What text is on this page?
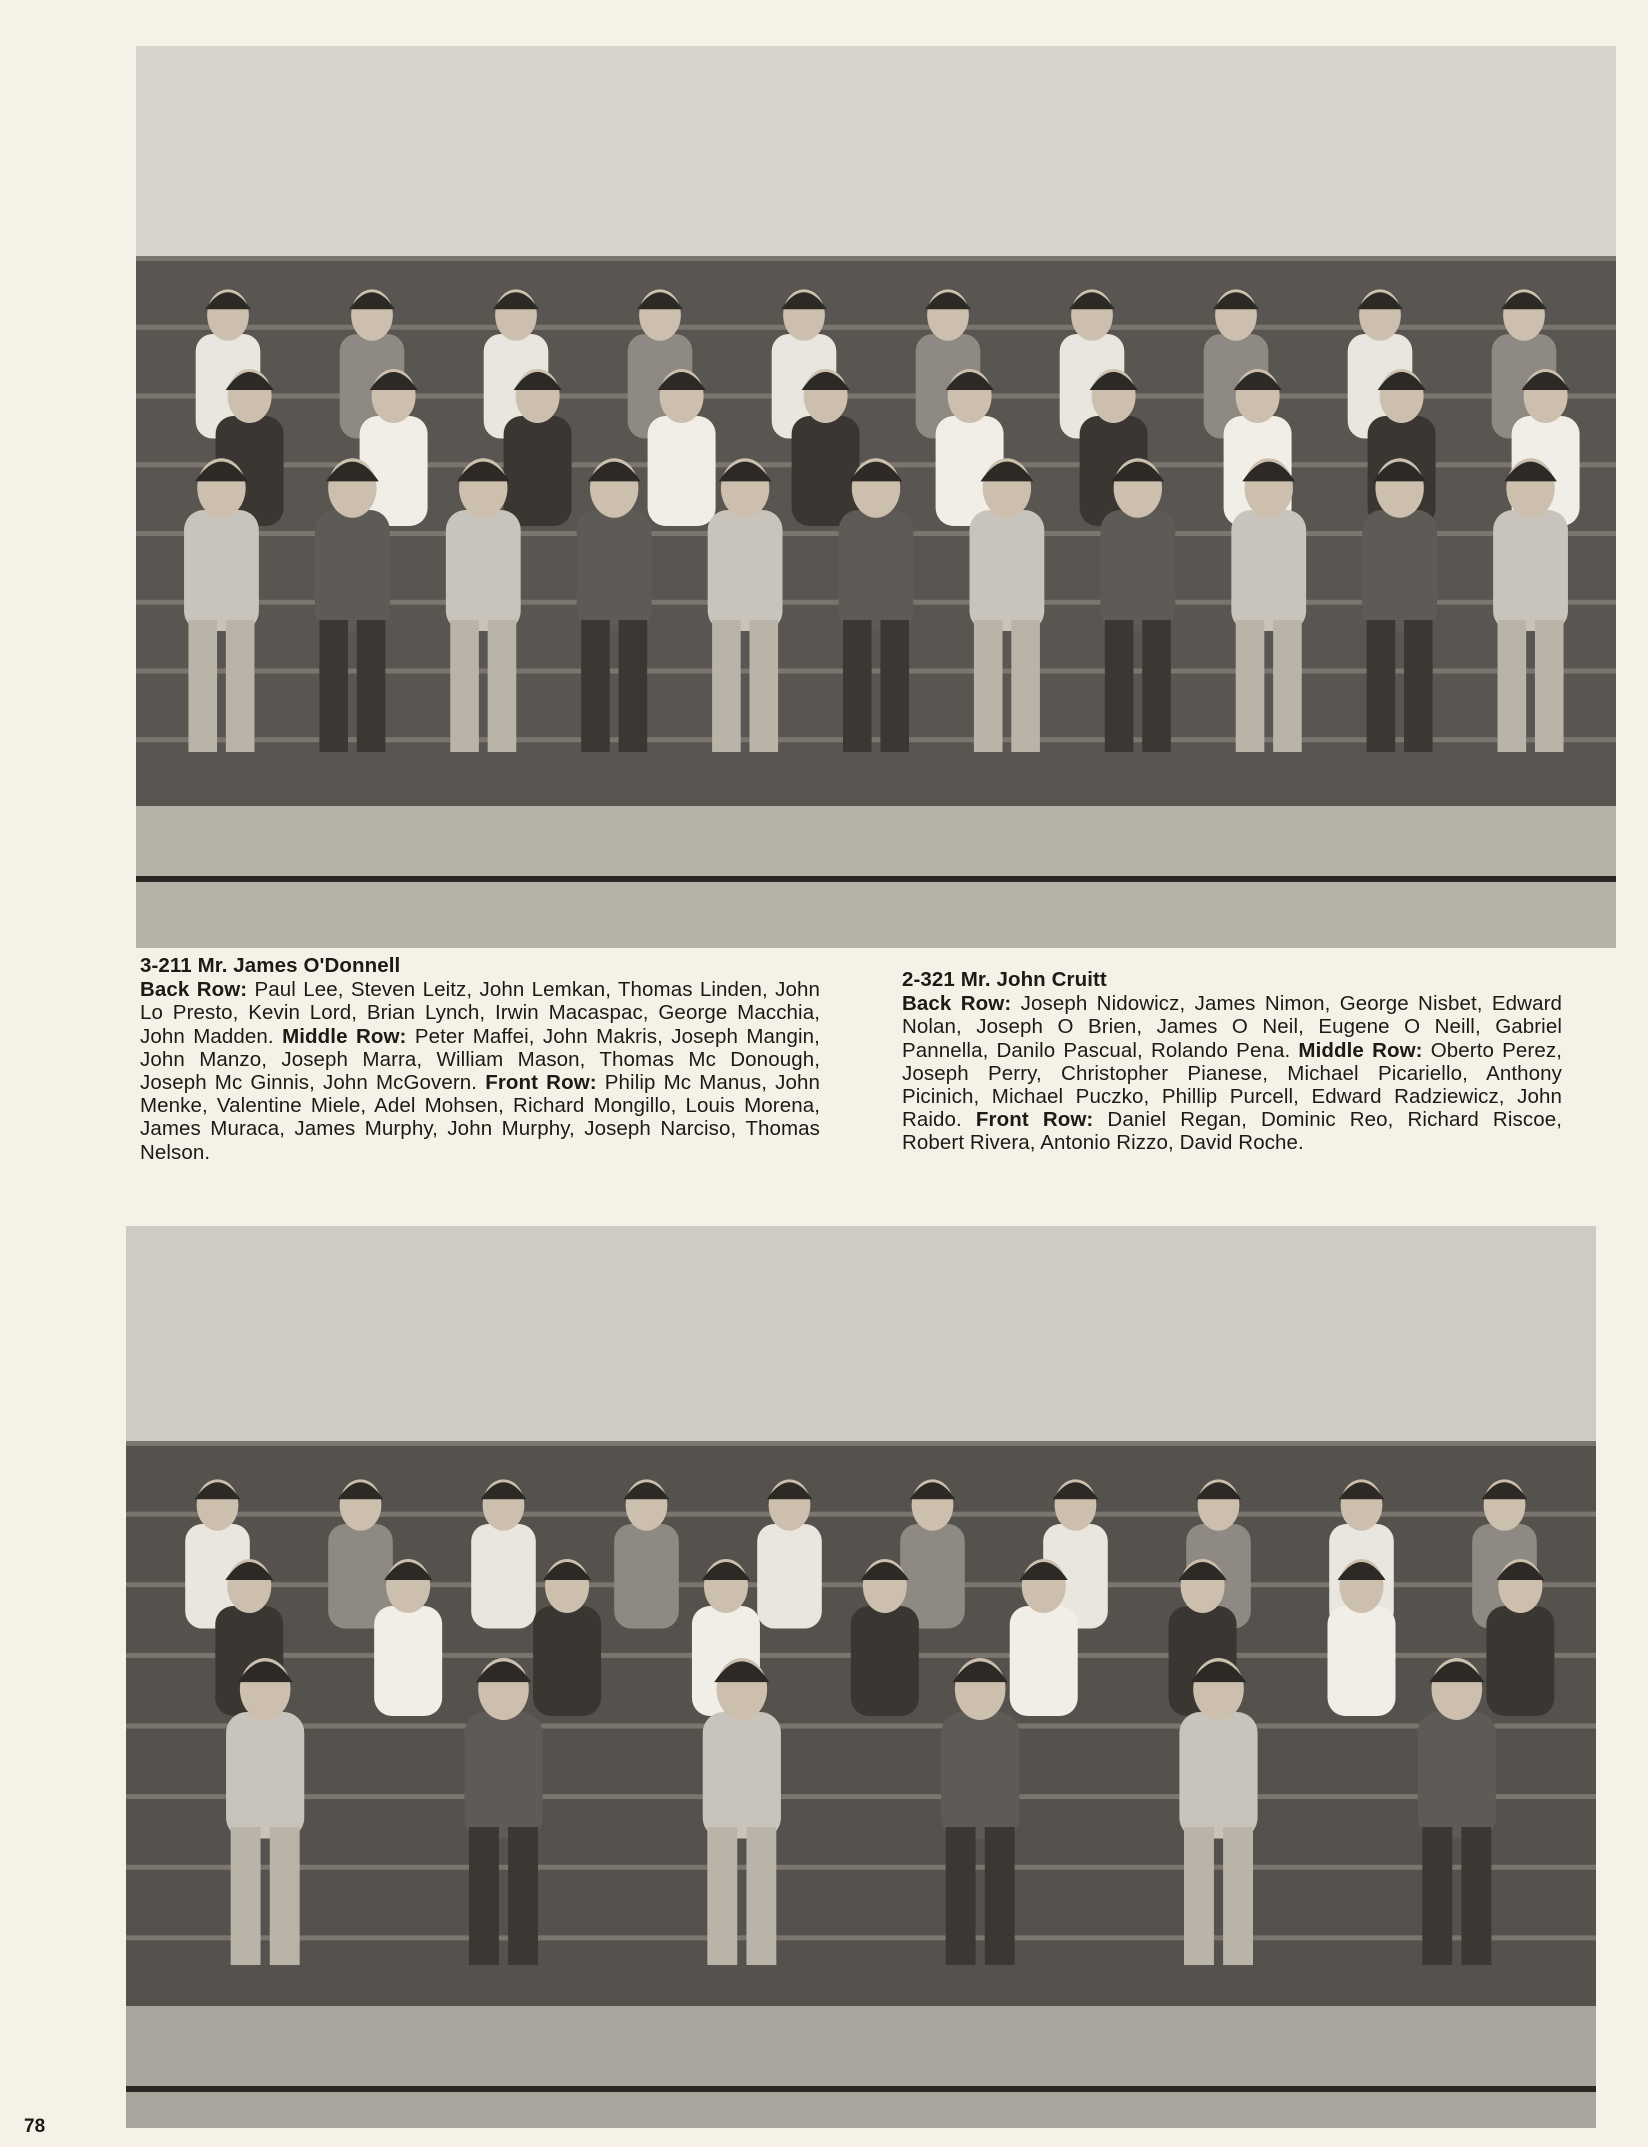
3-211 Mr. James O'Donnell
Back Row: Paul Lee, Steven Leitz, John Lemkan, Thomas Linden, John Lo Presto, Kevin Lord, Brian Lynch, Irwin Macaspac, George Macchia, John Madden. Middle Row: Peter Maffei, John Makris, Joseph Mangin, John Manzo, Joseph Marra, William Mason, Thomas Mc Donough, Joseph Mc Ginnis, John McGovern. Front Row: Philip Mc Manus, John Menke, Valentine Miele, Adel Mohsen, Richard Mongillo, Louis Morena, James Muraca, James Murphy, John Murphy, Joseph Narciso, Thomas Nelson.
2-321 Mr. John Cruitt
Back Row: Joseph Nidowicz, James Nimon, George Nisbet, Edward Nolan, Joseph O Brien, James O Neil, Eugene O Neill, Gabriel Pannella, Danilo Pascual, Rolando Pena. Middle Row: Oberto Perez, Joseph Perry, Christopher Pianese, Michael Picariello, Anthony Picinich, Michael Puczko, Phillip Purcell, Edward Radziewicz, John Raido. Front Row: Daniel Regan, Dominic Reo, Richard Riscoe, Robert Rivera, Antonio Rizzo, David Roche.
78
